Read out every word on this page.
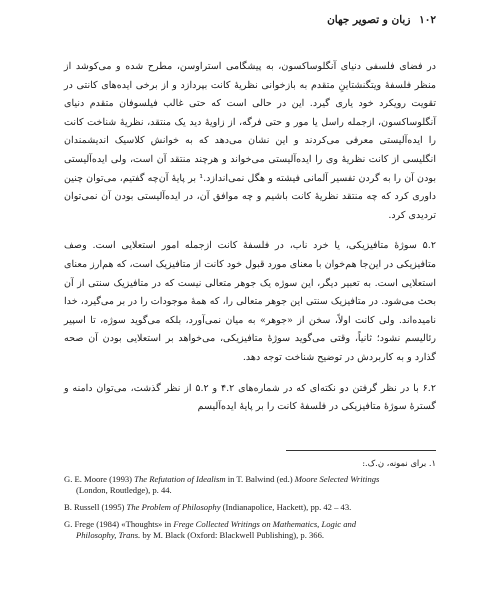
۱۰۲ زبان و تصویر جهان

در فضای فلسفی دنیای آنگلوساکسون، به پیشگامی استراوسن، مطرح شده و می‌کوشد از منظر فلسفهٔ ویتگنشتاینِ متقدم به بازخوانی نظریهٔ کانت بپردازد و از برخی ایده‌های کانتی در تقویت رویکرد خود یاری گیرد. این در حالی است که حتی غالب فیلسوفان متقدم دنیای آنگلوساکسون، ازجمله راسل یا مور و حتی فرگه، از زاویهٔ دید یک منتقد، نظریهٔ شناخت کانت را ایده‌آلیستی معرفی می‌کردند و این نشان می‌دهد که به خوانش کلاسیک اندیشمندان انگلیسی از کانت نظریهٔ وی را ایده‌آلیستی می‌خواند و هرچند منتقد آن است، ولی ایده‌آلیستی بودن آن را به گردن تفسیر آلمانی فیشته و هگل نمی‌اندازد.¹ بر پایهٔ آن‌چه گفتیم، می‌توان چنین داوری کرد که چه منتقد نظریهٔ کانت باشیم و چه موافق آن، در ایده‌آلیستی بودن آن نمی‌توان تردیدی کرد.

۵.۲ سوژهٔ متافیزیکی، یا خرد ناب، در فلسفهٔ کانت ازجمله امور استعلایی است. وصف متافیزیکی در این‌جا هم‌خوان با معنای مورد قبول خود کانت از متافیزیک است، که هم‌ارز معنای استعلایی است. به تعبیر دیگر، این سوژه یک جوهر متعالی نیست که در متافیزیک سنتی از آن بحث می‌شود. در متافیزیک سنتی این جوهر متعالی را، که همهٔ موجودات را در بر می‌گیرد، خدا نامیده‌اند. ولی کانت اولاً، سخن از «جوهر» به میان نمی‌آورد، بلکه می‌گوید سوژه، تا اسپیر رئالیسم نشود؛ ثانیاً، وقتی می‌گوید سوژهٔ متافیزیکی، می‌خواهد بر استعلایی بودن آن صحه گذارد و به کاربردش در توضیح شناخت توجه دهد.

۶.۲ با در نظر گرفتن دو نکته‌ای که در شماره‌های ۴.۲ و ۵.۲ از نظر گذشت، می‌توان دامنه و گسترهٔ سوژهٔ متافیزیکی در فلسفهٔ کانت را بر پایهٔ ایده‌آلیسم

۱. برای نمونه، ن.ک.:
G. E. Moore (1993) The Refutation of Idealism in T. Balwind (ed.) Moore Selected Writings
(London, Routledge), p. 44.
B. Russell (1995) The Problem of Philosophy (Indianapolice, Hackett), pp. 42 – 43.
G. Frege (1984) «Thoughts» in Frege Collected Writings on Mathematics, Logic and
Philosophy, Trans. by M. Black (Oxford: Blackwell Publishing), p. 366.
